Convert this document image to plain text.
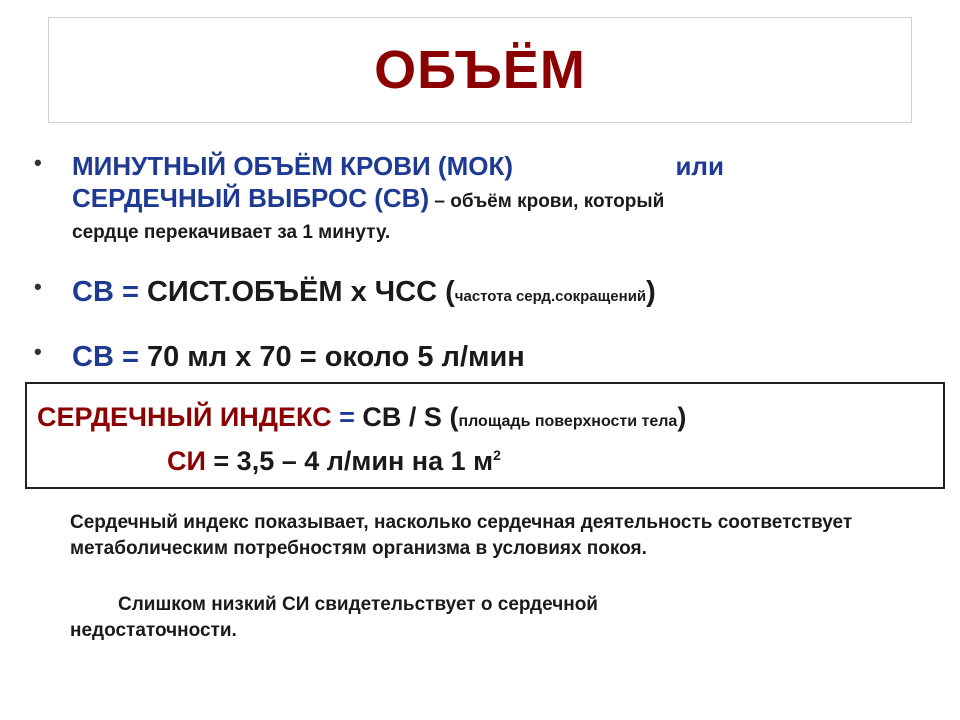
ОБЪЁМ
• МИНУТНЫЙ ОБЪЁМ КРОВИ (МОК)	или
СЕРДЕЧНЫЙ ВЫБРОС (СВ) – объём крови, который
сердце перекачивает за 1 минуту.
• СВ = СИСТ.ОБЪЁМ х ЧСС (частота серд.сокращений)
• СВ = 70 мл х 70 = около 5 л/мин
СЕРДЕЧНЫЙ ИНДЕКС = СВ / S (площадь поверхности тела)
СИ = 3,5 – 4 л/мин на 1 $м^2$
Сердечный индекс показывает, насколько сердечная деятельность соответствует метаболическим потребностям организма в условиях покоя.
Слишком низкий СИ свидетельствует о сердечной
недостаточности.
